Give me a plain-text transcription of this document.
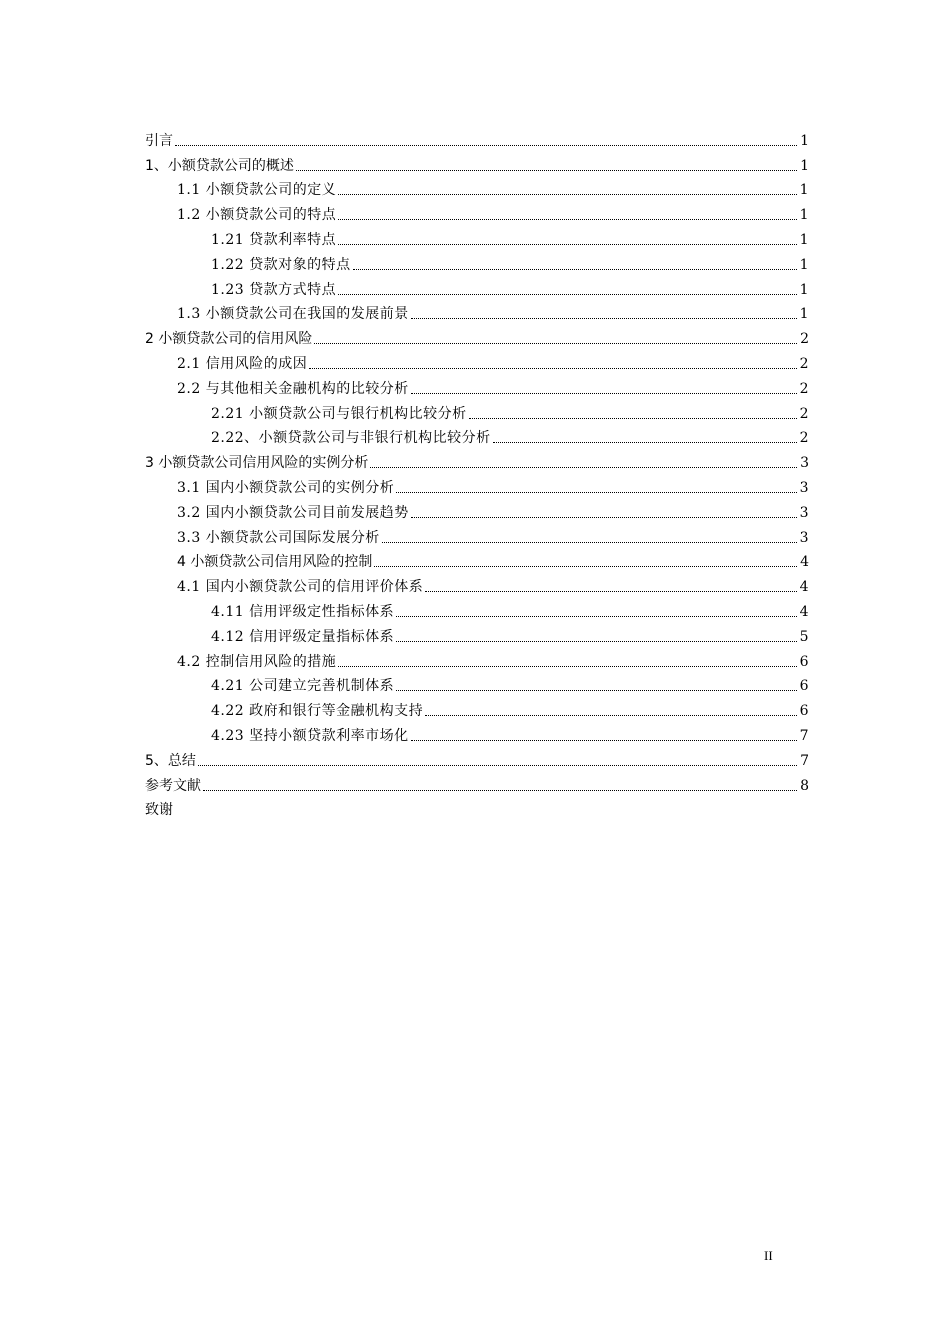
引言	1
1、小额贷款公司的概述	1
1.1 小额贷款公司的定义	1
1.2 小额贷款公司的特点	1
1.21 贷款利率特点	1
1.22 贷款对象的特点	1
1.23 贷款方式特点	1
1.3 小额贷款公司在我国的发展前景	1
2 小额贷款公司的信用风险	2
2.1 信用风险的成因	2
2.2 与其他相关金融机构的比较分析	2
2.21 小额贷款公司与银行机构比较分析	2
2.22、小额贷款公司与非银行机构比较分析	2
3 小额贷款公司信用风险的实例分析	3
3.1 国内小额贷款公司的实例分析	3
3.2 国内小额贷款公司目前发展趋势	3
3.3 小额贷款公司国际发展分析	3
4 小额贷款公司信用风险的控制	4
4.1 国内小额贷款公司的信用评价体系	4
4.11 信用评级定性指标体系	4
4.12 信用评级定量指标体系	5
4.2 控制信用风险的措施	6
4.21 公司建立完善机制体系	6
4.22 政府和银行等金融机构支持	6
4.23 坚持小额贷款利率市场化	7
5、总结	7
参考文献	8
致谢
II
